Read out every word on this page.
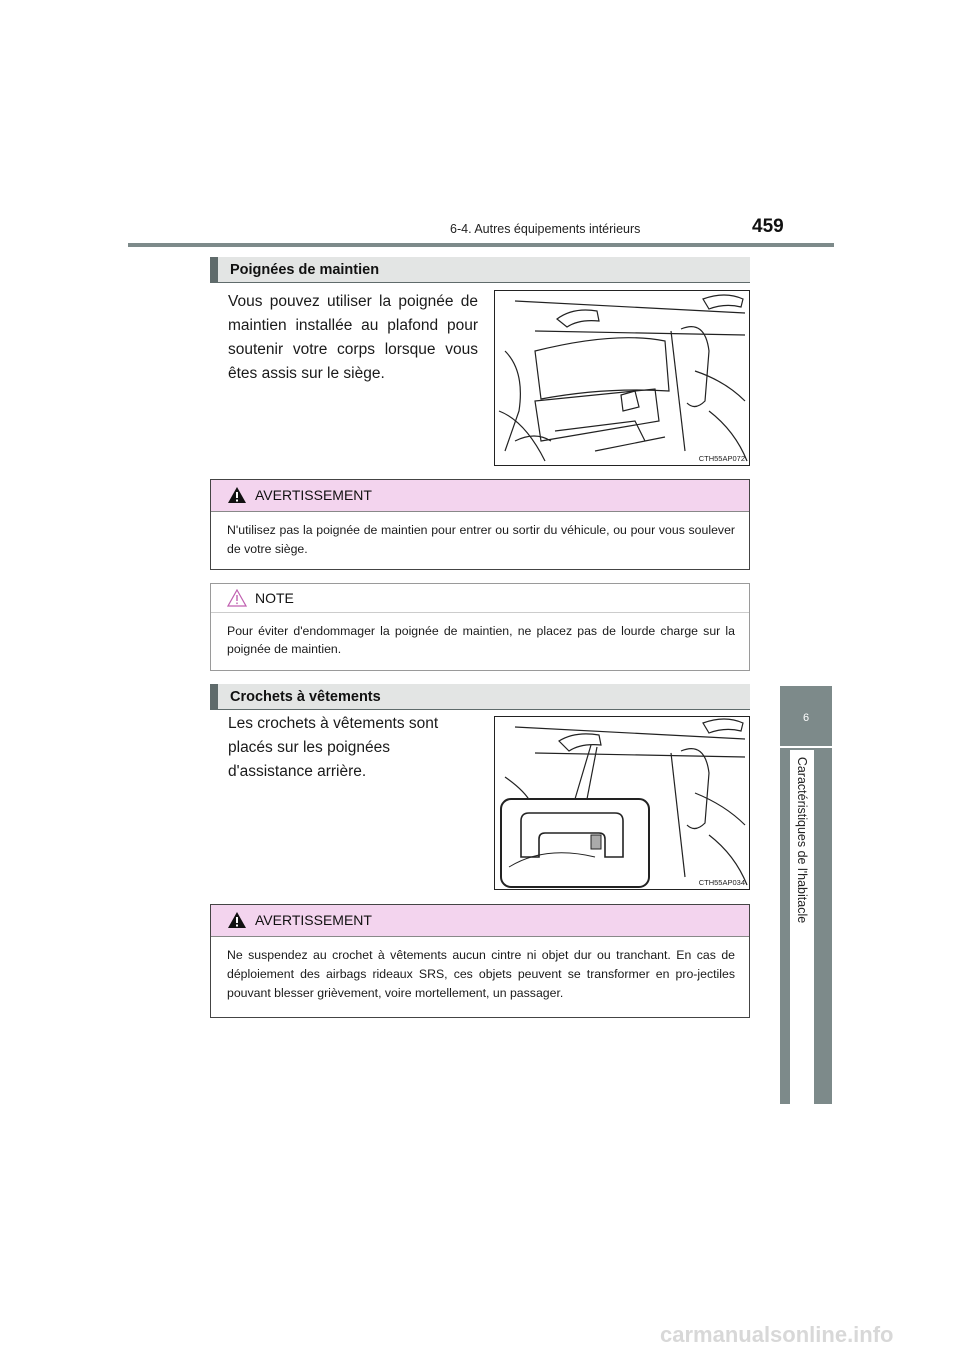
6-4. Autres équipements intérieurs	459
6
Caractéristiques de l'habitacle
Poignées de maintien
Vous pouvez utiliser la poignée de maintien installée au plafond pour soutenir votre corps lorsque vous êtes assis sur le siège.
CTH55AP072
AVERTISSEMENT
N'utilisez pas la poignée de maintien pour entrer ou sortir du véhicule, ou pour vous soulever de votre siège.
NOTE
Pour éviter d'endommager la poignée de maintien, ne placez pas de lourde charge sur la poignée de maintien.
Crochets à vêtements
Les crochets à vêtements sont placés sur les poignées d'assistance arrière.
CTH55AP034
AVERTISSEMENT
Ne suspendez au crochet à vêtements aucun cintre ni objet dur ou tranchant. En cas de déploiement des airbags rideaux SRS, ces objets peuvent se transformer en pro-jectiles pouvant blesser grièvement, voire mortellement, un passager.
carmanualsonline.info
